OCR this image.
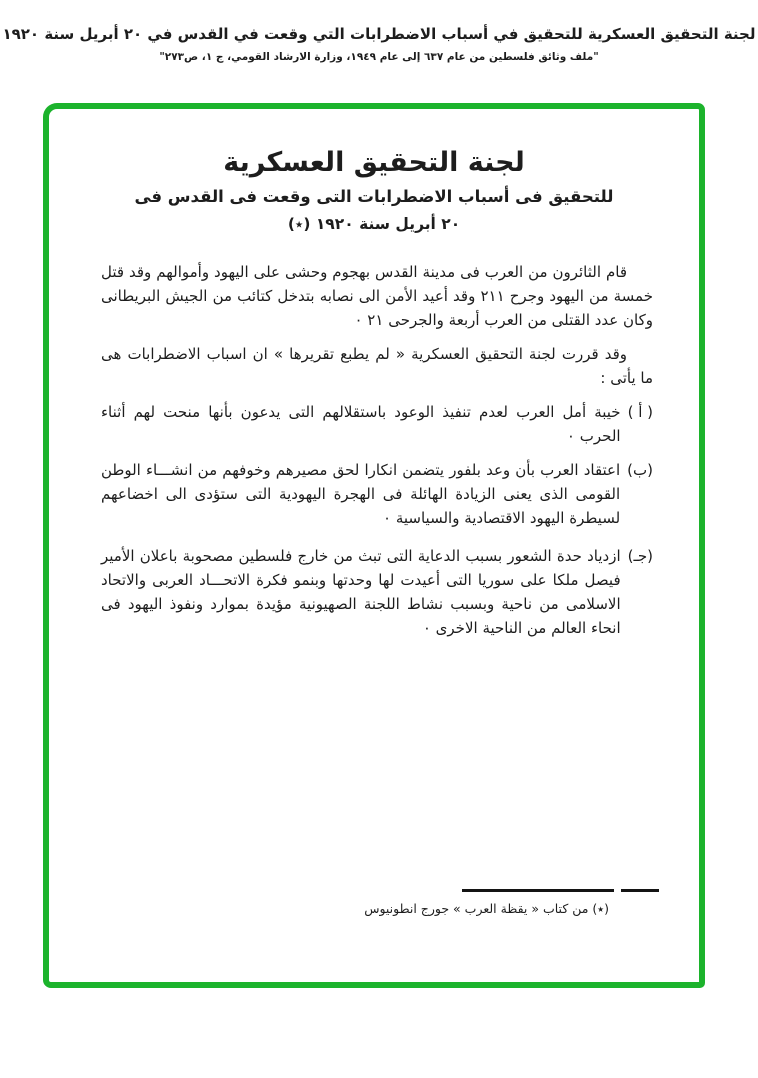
لجنة التحقيق العسكرية للتحقيق في أسباب الاضطرابات التي وقعت في القدس في ٢٠ أبريل سنة ١٩٢٠
"ملف وثائق فلسطين من عام ٦٣٧ إلى عام ١٩٤٩، وزارة الارشاد القومي، ج ١، ص٢٧٣"
لجنة التحقيق العسكرية
للتحقيق فى أسباب الاضطرابات التى وقعت فى القدس فى
٢٠ أبريل سنة ١٩٢٠ (٭)

قام الثائرون من العرب فى مدينة القدس بهجوم وحشى على اليهود وأموالهم وقد قتل خمسة من اليهود وجرح ٢١١ وقد أعيد الأمن الى نصابه بتدخل كتائب من الجيش البريطانى وكان عدد القتلى من العرب أربعة والجرحى ٢١ ٠

وقد قررت لجنة التحقيق العسكرية « لم يطبع تقريرها » ان اسباب الاضطرابات هى ما يأتى :

( أ )
خيبة أمل العرب لعدم تنفيذ الوعود باستقلالهم التى يدعون بأنها منحت لهم أثناء الحرب ٠
(ب)
اعتقاد العرب بأن وعد بلفور يتضمن انكارا لحق مصيرهم وخوفهم من انشـــاء الوطن القومى الذى يعنى الزيادة الهائلة فى الهجرة اليهودية التى ستؤدى الى اخضاعهم لسيطرة اليهود الاقتصادية والسياسية ٠
(جـ)
ازدياد حدة الشعور بسبب الدعاية التى تبث من خارج فلسطين مصحوبة باعلان الأمير فيصل ملكا على سوريا التى أعيدت لها وحدتها وبنمو فكرة الاتحـــاد العربى والاتحاد الاسلامى من ناحية وبسبب نشاط اللجنة الصهيونية مؤيدة بموارد ونفوذ اليهود فى انحاء العالم من الناحية الاخرى ٠
(٭) من كتاب « يقظة العرب » جورج انطونيوس
